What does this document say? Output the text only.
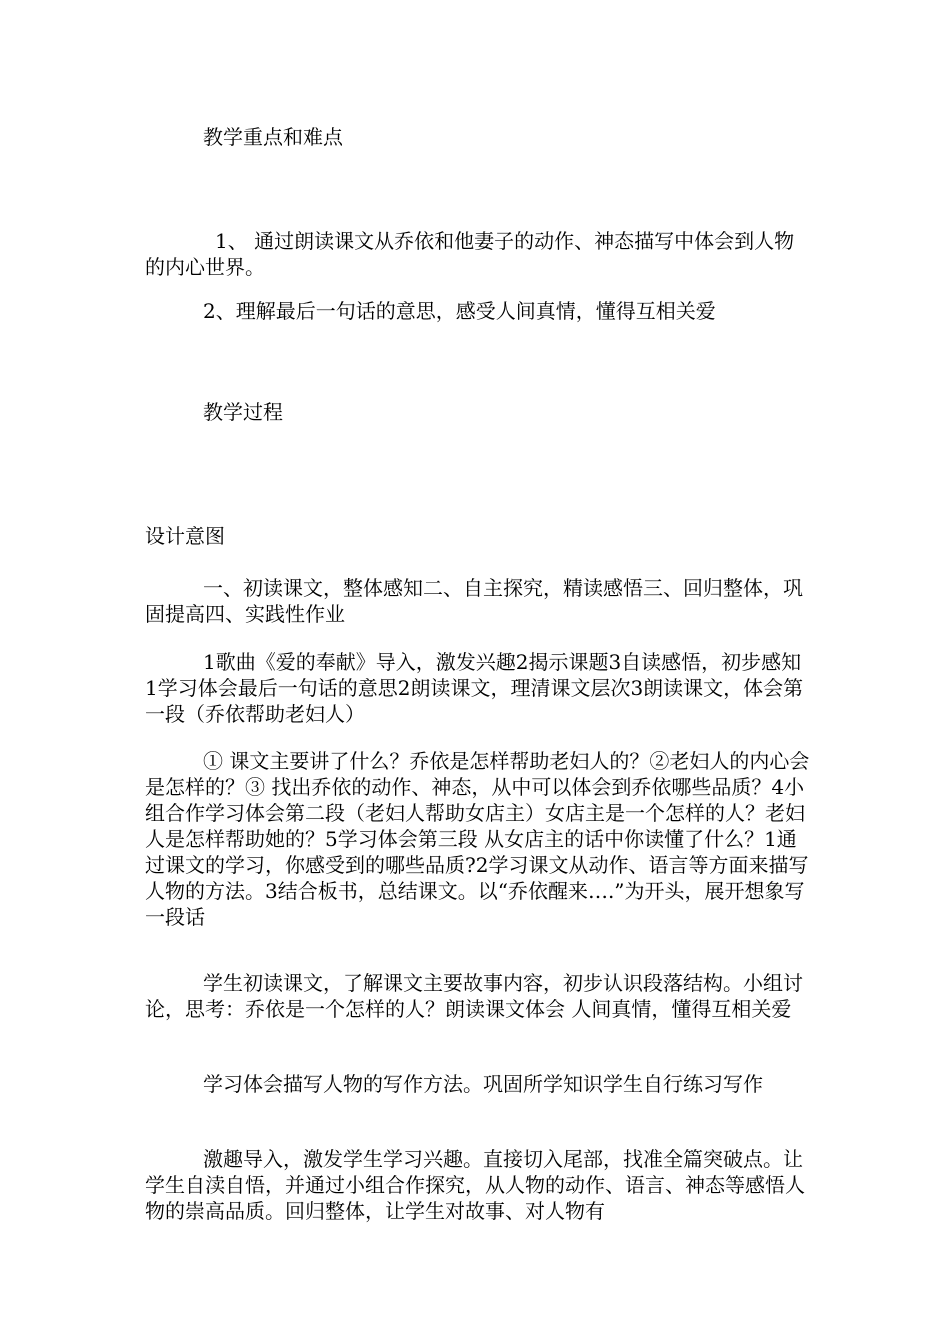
教学重点和难点

1、 通过朗读课文从乔依和他妻子的动作、神态描写中体会到人物的内心世界。

2、理解最后一句话的意思，感受人间真情，懂得互相关爱

教学过程

设计意图

一、初读课文，整体感知二、自主探究，精读感悟三、回归整体，巩固提高四、实践性作业

1歌曲《爱的奉献》导入，激发兴趣2揭示课题3自读感悟，初步感知1学习体会最后一句话的意思2朗读课文，理清课文层次3朗读课文，体会第一段（乔依帮助老妇人）

① 课文主要讲了什么？乔依是怎样帮助老妇人的？②老妇人的内心会是怎样的？③ 找出乔依的动作、神态，从中可以体会到乔依哪些品质？4小组合作学习体会第二段（老妇人帮助女店主）女店主是一个怎样的人？老妇人是怎样帮助她的？5学习体会第三段 从女店主的话中你读懂了什么？1通过课文的学习，你感受到的哪些品质?2学习课文从动作、语言等方面来描写人物的方法。3结合板书，总结课文。以“乔依醒来….”为开头，展开想象写一段话

学生初读课文，了解课文主要故事内容，初步认识段落结构。小组讨论，思考：乔依是一个怎样的人？朗读课文体会 人间真情，懂得互相关爱

学习体会描写人物的写作方法。巩固所学知识学生自行练习写作

激趣导入，激发学生学习兴趣。直接切入尾部，找准全篇突破点。让学生自渎自悟，并通过小组合作探究，从人物的动作、语言、神态等感悟人物的崇高品质。回归整体，让学生对故事、对人物有
